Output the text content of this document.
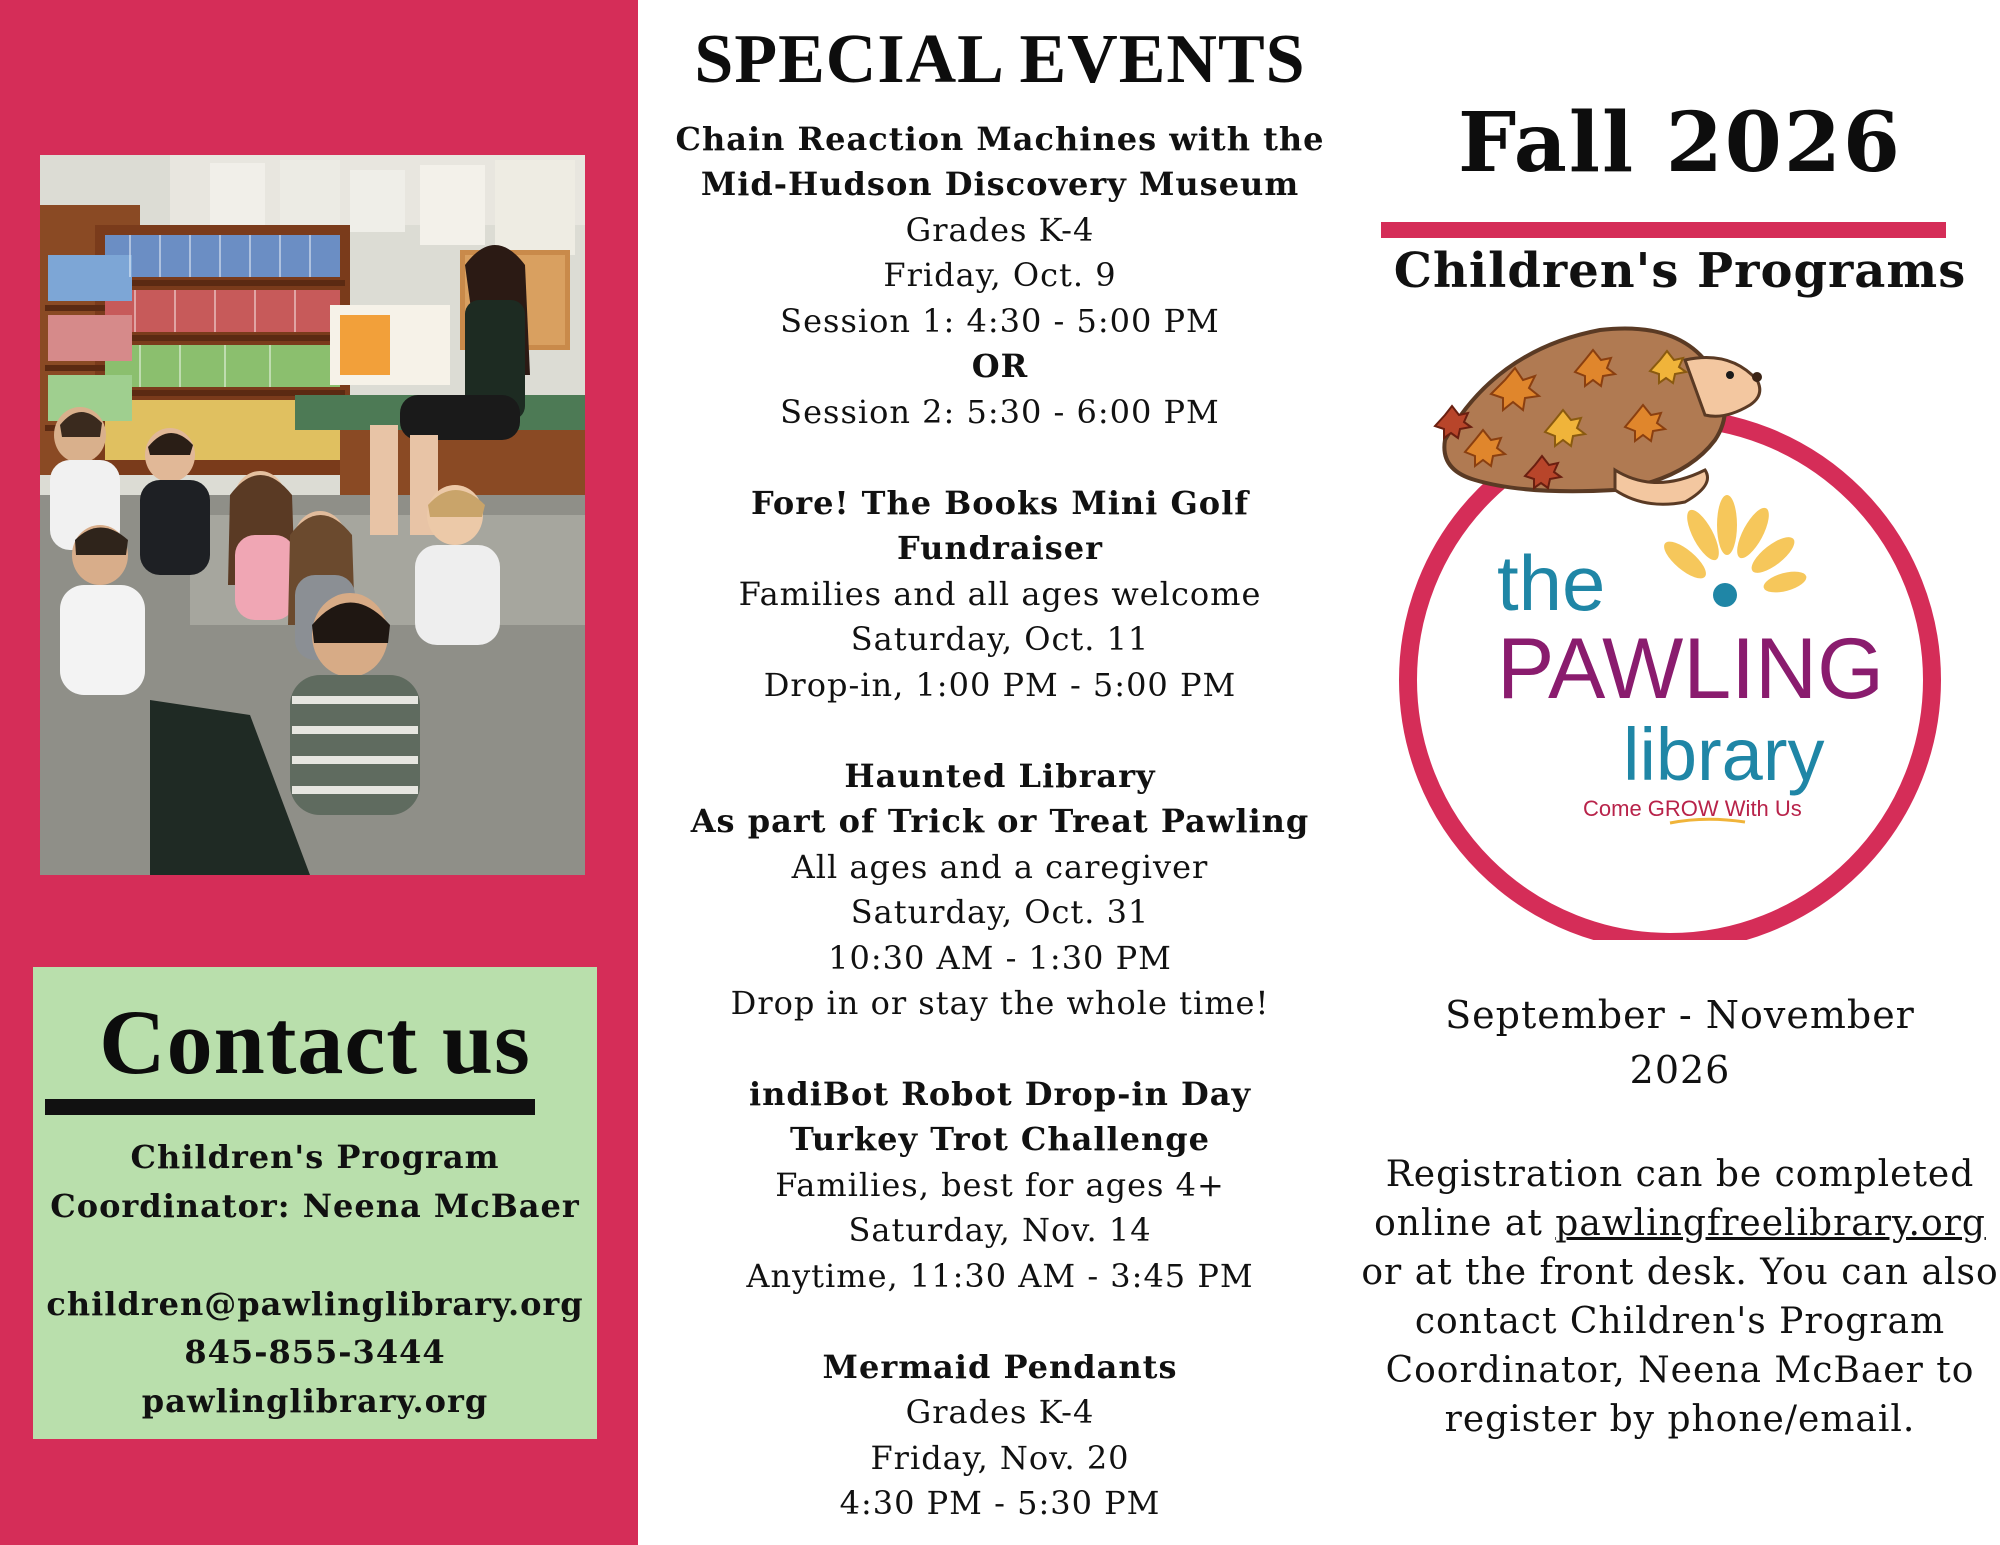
Contact us
Children's Program
Coordinator: Neena McBaer
children@pawlinglibrary.org
845-855-3444
pawlinglibrary.org
SPECIAL EVENTS
Chain Reaction Machines with the
Mid-Hudson Discovery Museum
Grades K-4
Friday, Oct. 9
Session 1: 4:30 - 5:00 PM
OR
Session 2: 5:30 - 6:00 PM
Fore! The Books Mini Golf
Fundraiser
Families and all ages welcome
Saturday, Oct. 11
Drop-in, 1:00 PM - 5:00 PM
Haunted Library
As part of Trick or Treat Pawling
All ages and a caregiver
Saturday, Oct. 31
10:30 AM - 1:30 PM
Drop in or stay the whole time!
indiBot Robot Drop-in Day
Turkey Trot Challenge
Families, best for ages 4+
Saturday, Nov. 14
Anytime, 11:30 AM - 3:45 PM
Mermaid Pendants
Grades K-4
Friday, Nov. 20
4:30 PM - 5:30 PM
Fall 2026
Children's Programs
September - November
2026
Registration can be completed
online at pawlingfreelibrary.org
or at the front desk. You can also
contact Children's Program
Coordinator, Neena McBaer to
register by phone/email.
the
PAWLING
library
Come GROW With Us
